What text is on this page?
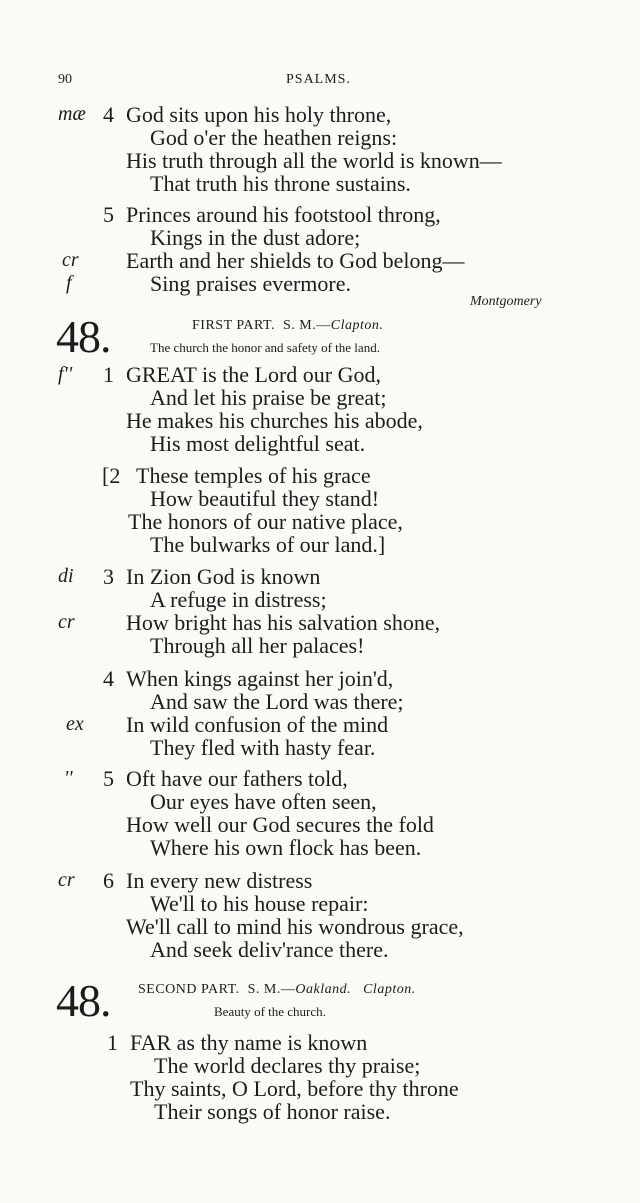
90	PSALMS.
mæ 4 God sits upon his holy throne,
God o'er the heathen reigns:
His truth through all the world is known—
That truth his throne sustains.
5 Princes around his footstool throng,
Kings in the dust adore;
cr Earth and her shields to God belong—
f	Sing praises evermore.
Montgomery
48.	FIRST PART. S. M.—Clapton.
The church the honor and safety of the land.
f'' 1 GREAT is the Lord our God,
And let his praise be great;
He makes his churches his abode,
His most delightful seat.
[2 These temples of his grace
How beautiful they stand!
The honors of our native place,
The bulwarks of our land.]
di 3 In Zion God is known
A refuge in distress;
cr How bright has his salvation shone,
Through all her palaces!
4 When kings against her join'd,
And saw the Lord was there;
ex In wild confusion of the mind
They fled with hasty fear.
'' 5 Oft have our fathers told,
Our eyes have often seen,
How well our God secures the fold
Where his own flock has been.
cr 6 In every new distress
We'll to his house repair:
We'll call to mind his wondrous grace,
And seek deliv'rance there.
48. SECOND PART. S. M.—Oakland. Clapton.
Beauty of the church.
1 FAR as thy name is known
The world declares thy praise;
Thy saints, O Lord, before thy throne
Their songs of honor raise.
